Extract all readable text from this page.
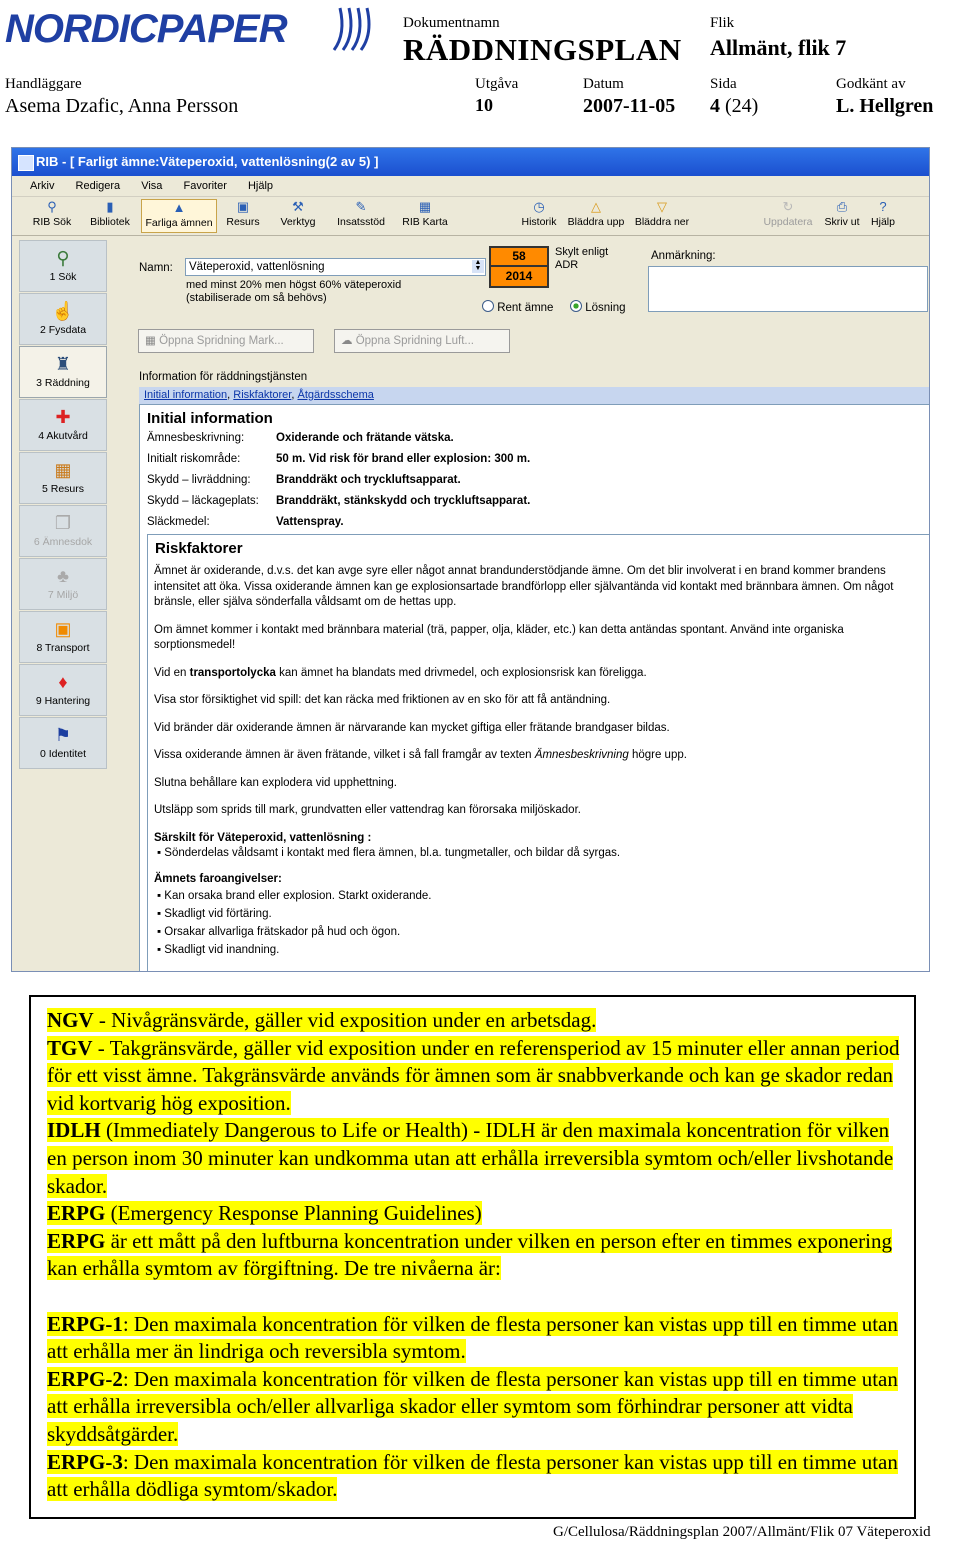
NORDICPAPER	Dokumentnamn
RÄDDNINGSPLAN
Flik
Allmänt, flik 7
Handläggare
Asema Dzafic, Anna Persson
Utgåva
10
Datum
2007-11-05
Sida
4 (24)
Godkänt av
L. Hellgren
RIB - [ Farligt ämne:Väteperoxid, vattenlösning(2 av 5) ]
Arkiv Redigera Visa Favoriter Hjälp
⚲
RIB Sök
▮
Bibliotek
▲
Farliga ämnen
▣
Resurs
⚒
Verktyg
✎
Insatsstöd
▦
RIB Karta
◷
Historik
△
Bläddra upp
▽
Bläddra ner
↻
Uppdatera
⎙
Skriv ut
?
Hjälp
⚲
1 Sök
☝
2 Fysdata
♜
3 Räddning
✚
4 Akutvård
▦
5 Resurs
❐
6 Ämnesdok
♣
7 Miljö
▣
8 Transport
♦
9 Hantering
⚑
0 Identitet
Namn:	Väteperoxid, vattenlösning	▲
▼
med minst 20% men högst 60% väteperoxid
(stabiliserade om så behövs)
58
2014
Skylt enligt
ADR
Rent ämne	Lösning
Anmärkning:
▦ Öppna Spridning Mark...	☁ Öppna Spridning Luft...
Information för räddningstjänsten
Initial information, Riskfaktorer, Åtgärdsschema
Initial information
Ämnesbeskrivning:	Oxiderande och frätande vätska.
Initialt riskområde:	50 m. Vid risk för brand eller explosion: 300 m.
Skydd – livräddning: Branddräkt och tryckluftsapparat.
Skydd – läckageplats: Branddräkt, stänkskydd och tryckluftsapparat.
Släckmedel:	Vattenspray.
Riskfaktorer

Ämnet är oxiderande, d.v.s. det kan avge syre eller något annat brandunderstödjande ämne. Om det blir involverat i en brand kommer brandens intensitet att öka. Vissa oxiderande ämnen kan ge explosionsartade brandförlopp eller självantända vid kontakt med brännbara ämnen. Om något bränsle, eller själva sönderfalla våldsamt om de hettas upp.

Om ämnet kommer i kontakt med brännbara material (trä, papper, olja, kläder, etc.) kan detta antändas spontant. Använd inte organiska sorptionsmedel!

Vid en transportolycka kan ämnet ha blandats med drivmedel, och explosionsrisk kan föreligga.

Visa stor försiktighet vid spill: det kan räcka med friktionen av en sko för att få antändning.

Vid bränder där oxiderande ämnen är närvarande kan mycket giftiga eller frätande brandgaser bildas.

Vissa oxiderande ämnen är även frätande, vilket i så fall framgår av texten Ämnesbeskrivning högre upp.

Slutna behållare kan explodera vid upphettning.

Utsläpp som sprids till mark, grundvatten eller vattendrag kan förorsaka miljöskador.

Särskilt för Väteperoxid, vattenlösning :

▪ Sönderdelas våldsamt i kontakt med flera ämnen, bl.a. tungmetaller, och bildar då syrgas.

Ämnets faroangivelser:

▪ Kan orsaka brand eller explosion. Starkt oxiderande.

▪ Skadligt vid förtäring.

▪ Orsakar allvarliga frätskador på hud och ögon.

▪ Skadligt vid inandning.

NGV - Nivågränsvärde, gäller vid exposition under en arbetsdag.
TGV - Takgränsvärde, gäller vid exposition under en referensperiod av 15 minuter eller annan period för ett visst ämne. Takgränsvärde används för ämnen som är snabbverkande och kan ge skador redan vid kortvarig hög exposition.
IDLH (Immediately Dangerous to Life or Health) - IDLH är den maximala koncentration för vilken en person inom 30 minuter kan undkomma utan att erhålla irreversibla symtom och/eller livshotande skador.
ERPG (Emergency Response Planning Guidelines)
ERPG är ett mått på den luftburna koncentration under vilken en person efter en timmes exponering kan erhålla symtom av förgiftning. De tre nivåerna är:
ERPG-1: Den maximala koncentration för vilken de flesta personer kan vistas upp till en timme utan att erhålla mer än lindriga och reversibla symtom.
ERPG-2: Den maximala koncentration för vilken de flesta personer kan vistas upp till en timme utan att erhålla irreversibla och/eller allvarliga skador eller symtom som förhindrar personer att vidta skyddsåtgärder.
ERPG-3: Den maximala koncentration för vilken de flesta personer kan vistas upp till en timme utan att erhålla dödliga symtom/skador.
G/Cellulosa/Räddningsplan 2007/Allmänt/Flik 07 Väteperoxid
